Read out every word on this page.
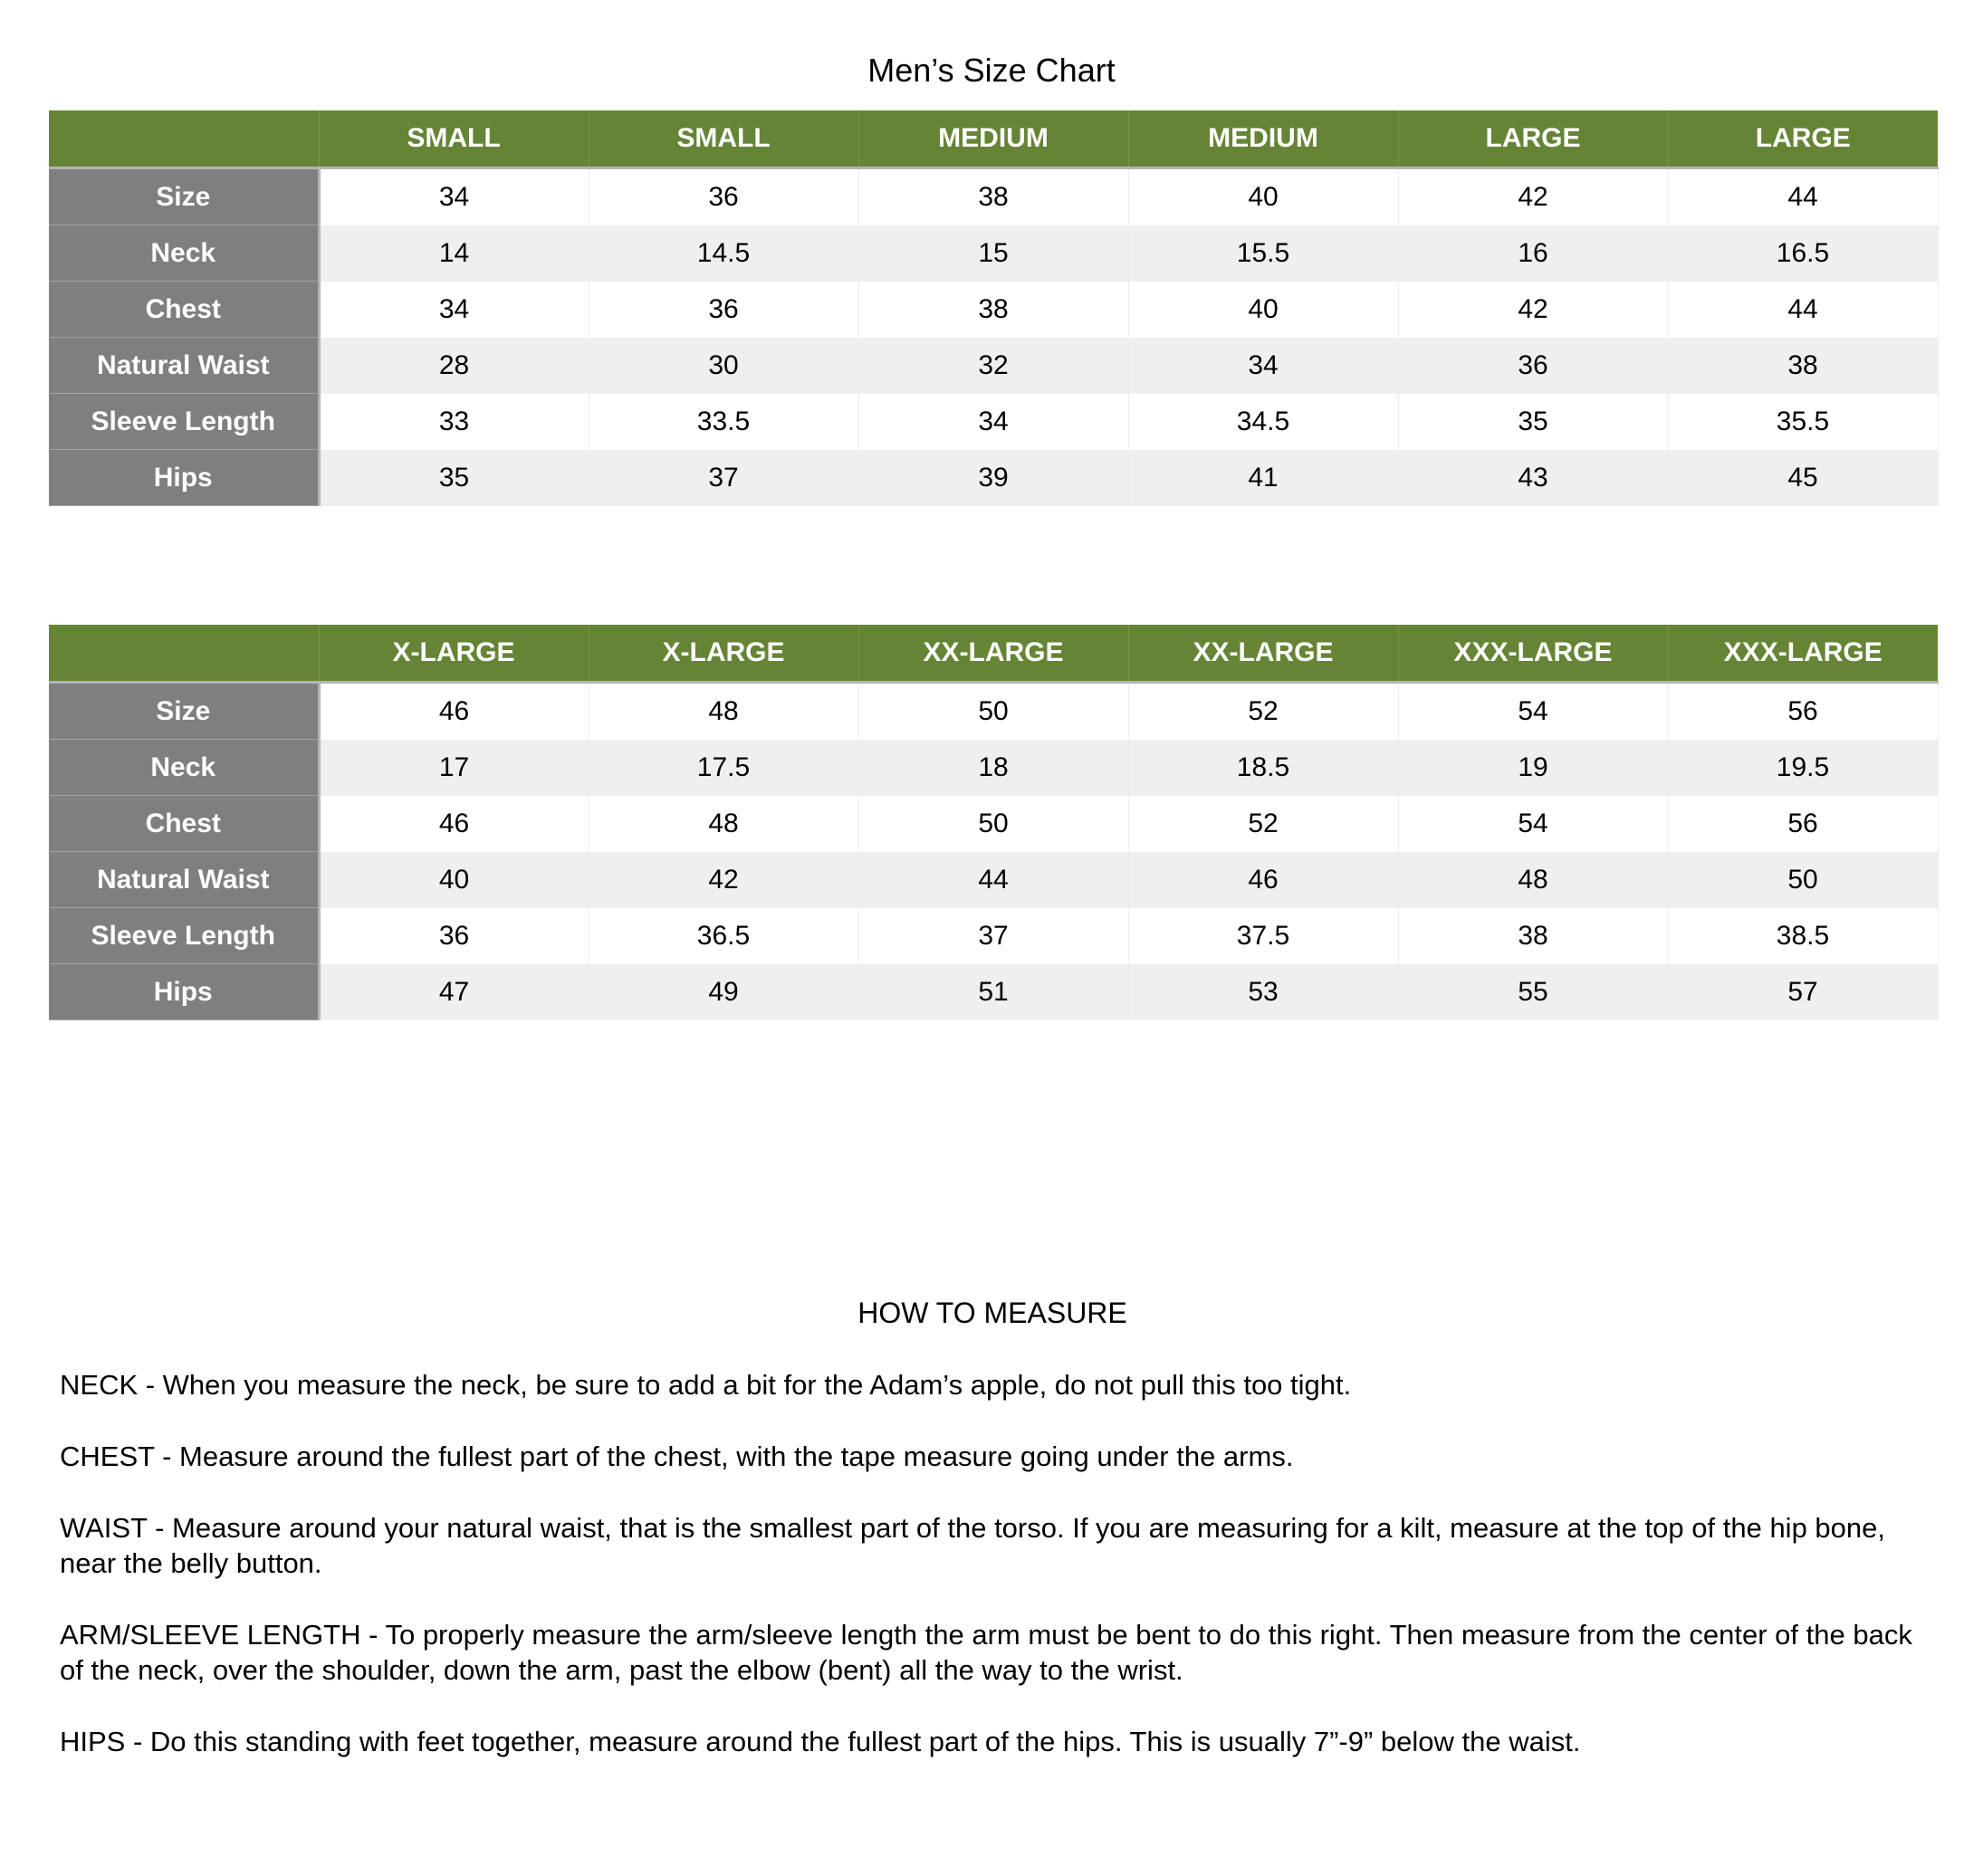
Men’s Size Chart
	SMALL	SMALL	MEDIUM	MEDIUM	LARGE	LARGE
Size	34	36	38	40	42	44
Neck	14	14.5	15	15.5	16	16.5
Chest	34	36	38	40	42	44
Natural Waist	28	30	32	34	36	38
Sleeve Length	33	33.5	34	34.5	35	35.5
Hips	35	37	39	41	43	45
	X-LARGE	X-LARGE	XX-LARGE	XX-LARGE	XXX-LARGE	XXX-LARGE
Size	46	48	50	52	54	56
Neck	17	17.5	18	18.5	19	19.5
Chest	46	48	50	52	54	56
Natural Waist	40	42	44	46	48	50
Sleeve Length	36	36.5	37	37.5	38	38.5
Hips	47	49	51	53	55	57
HOW TO MEASURE

NECK - When you measure the neck, be sure to add a bit for the Adam’s apple, do not pull this too tight.

CHEST - Measure around the fullest part of the chest, with the tape measure going under the arms.

WAIST - Measure around your natural waist, that is the smallest part of the torso. If you are measuring for a kilt, measure at the top of the hip bone, near the belly button.

ARM/SLEEVE LENGTH - To properly measure the arm/sleeve length the arm must be bent to do this right. Then measure from the center of the back of the neck, over the shoulder, down the arm, past the elbow (bent) all the way to the wrist.

HIPS - Do this standing with feet together, measure around the fullest part of the hips. This is usually 7”-9” below the waist.
